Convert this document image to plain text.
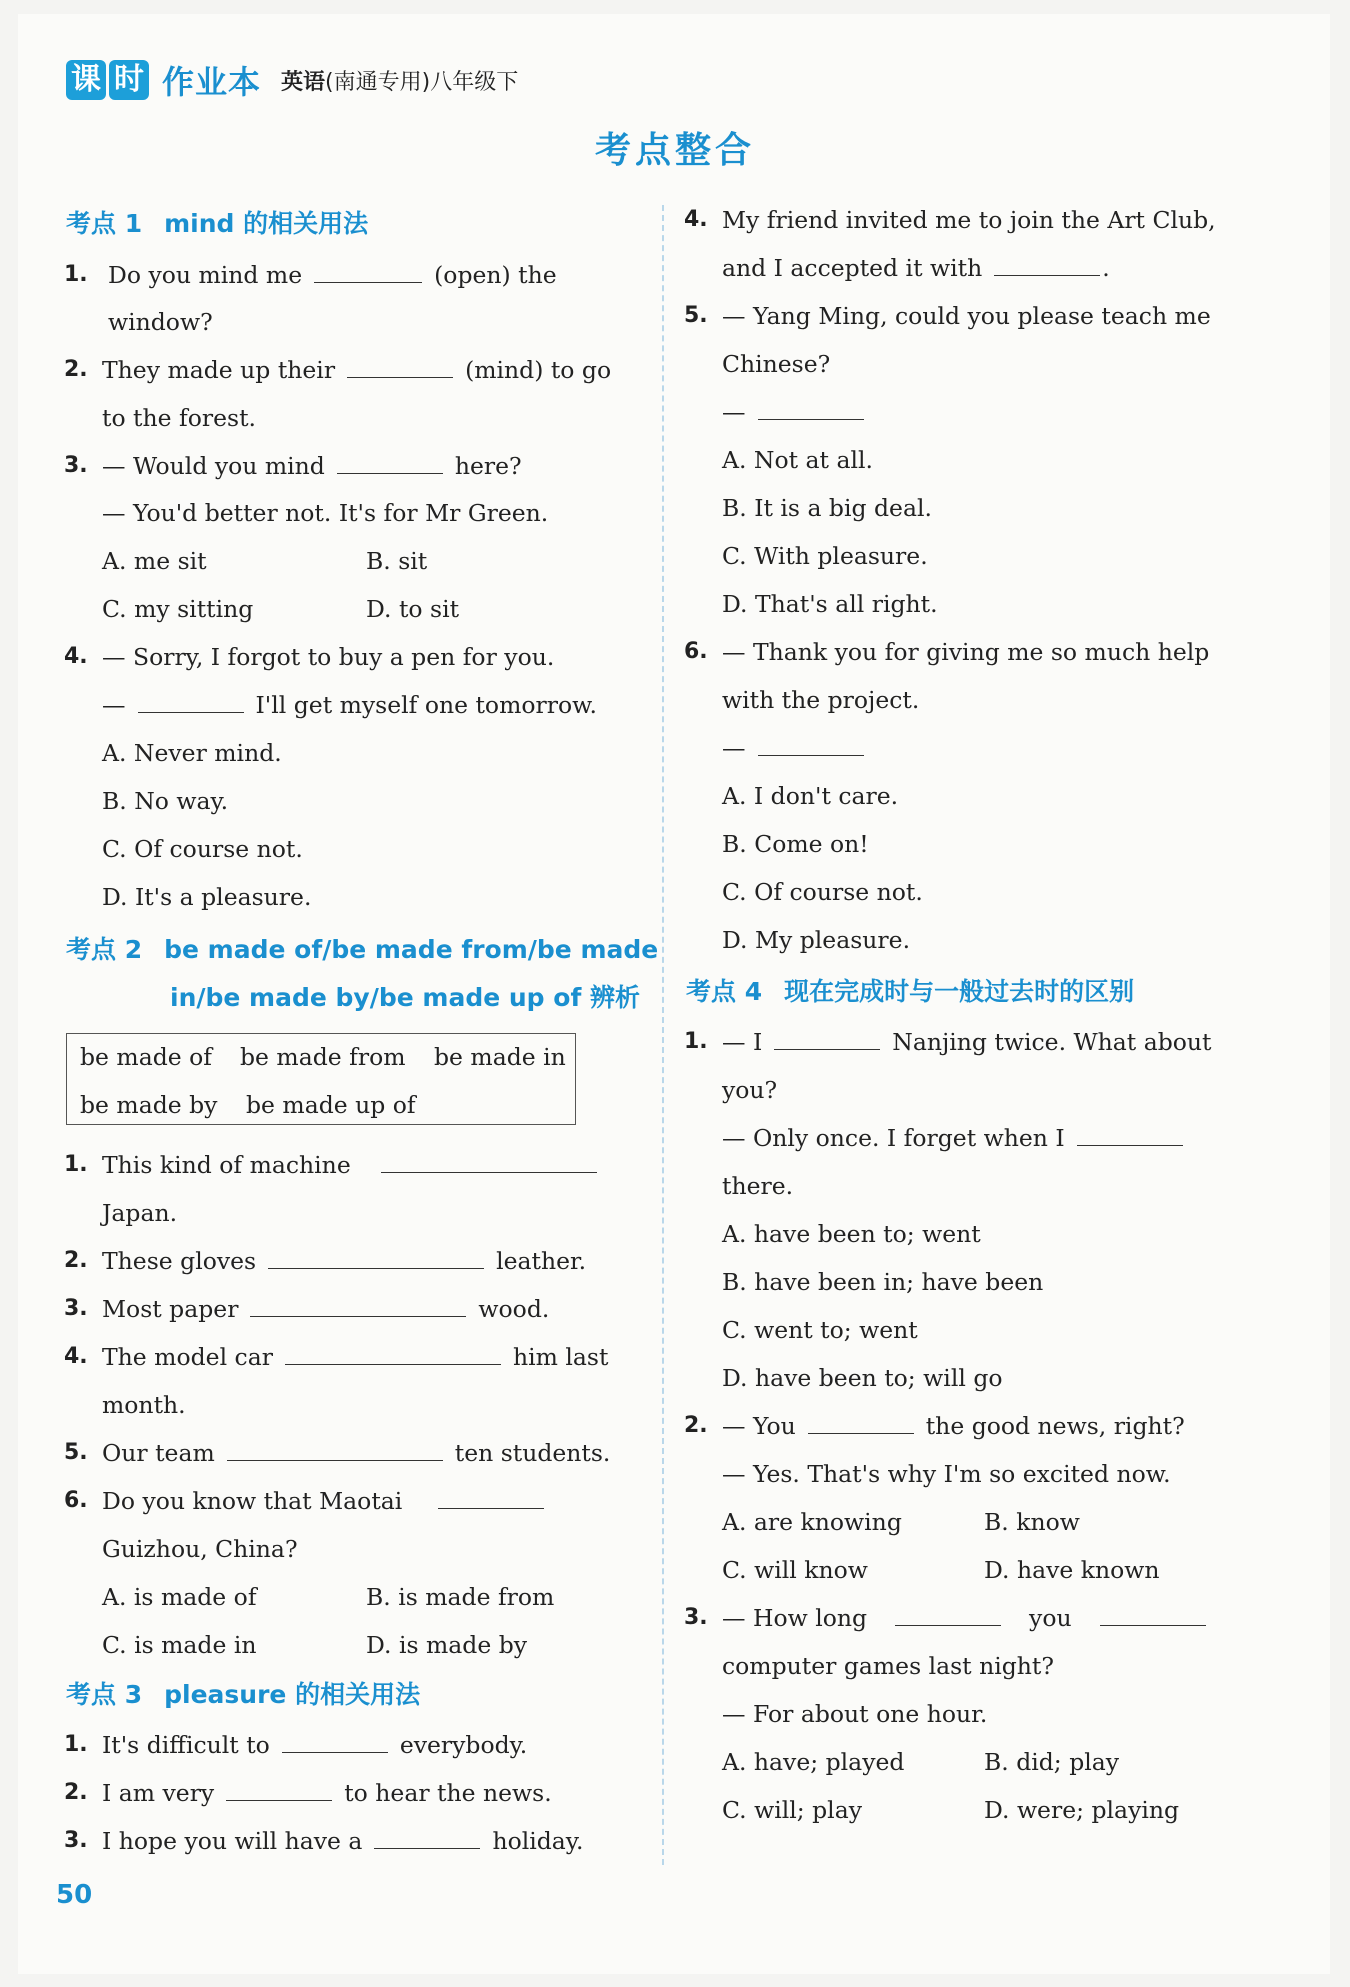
课 时 作业本 英语(南通专用)八年级下
考点整合
考点 1 mind 的相关用法
1. Do you mind me	(open) the
window?
2. They made up their	(mind) to go
to the forest.
3. — Would you mind	here?
— You'd better not. It's for Mr Green.
A. me sit	B. sit
C. my sitting	D. to sit
4. — Sorry, I forgot to buy a pen for you.
—	I'll get myself one tomorrow.
A. Never mind.
B. No way.
C. Of course not.
D. It's a pleasure.
考点 2 be made of/be made from/be made
in/be made by/be made up of 辨析
be made of be made from be made in
be made by be made up of
1. This kind of machine
Japan.
2. These gloves	leather.
3. Most paper	wood.
4. The model car	him last
month.
5. Our team	ten students.
6. Do you know that Maotai
Guizhou, China?
A. is made of	B. is made from
C. is made in	D. is made by
考点 3 pleasure 的相关用法
1. It's difficult to	everybody.
2. I am very	to hear the news.
3. I hope you will have a	holiday.
4. My friend invited me to join the Art Club,
and I accepted it with	.
5. — Yang Ming, could you please teach me
Chinese?
—
A. Not at all.
B. It is a big deal.
C. With pleasure.
D. That's all right.
6. — Thank you for giving me so much help
with the project.
—
A. I don't care.
B. Come on!
C. Of course not.
D. My pleasure.
考点 4 现在完成时与一般过去时的区别
1. — I	Nanjing twice. What about
you?
— Only once. I forget when I
there.
A. have been to; went
B. have been in; have been
C. went to; went
D. have been to; will go
2. — You	the good news, right?
— Yes. That's why I'm so excited now.
A. are knowing	B. know
C. will know	D. have known
3. — How long	you
computer games last night?
— For about one hour.
A. have; played	B. did; play
C. will; play	D. were; playing
50
